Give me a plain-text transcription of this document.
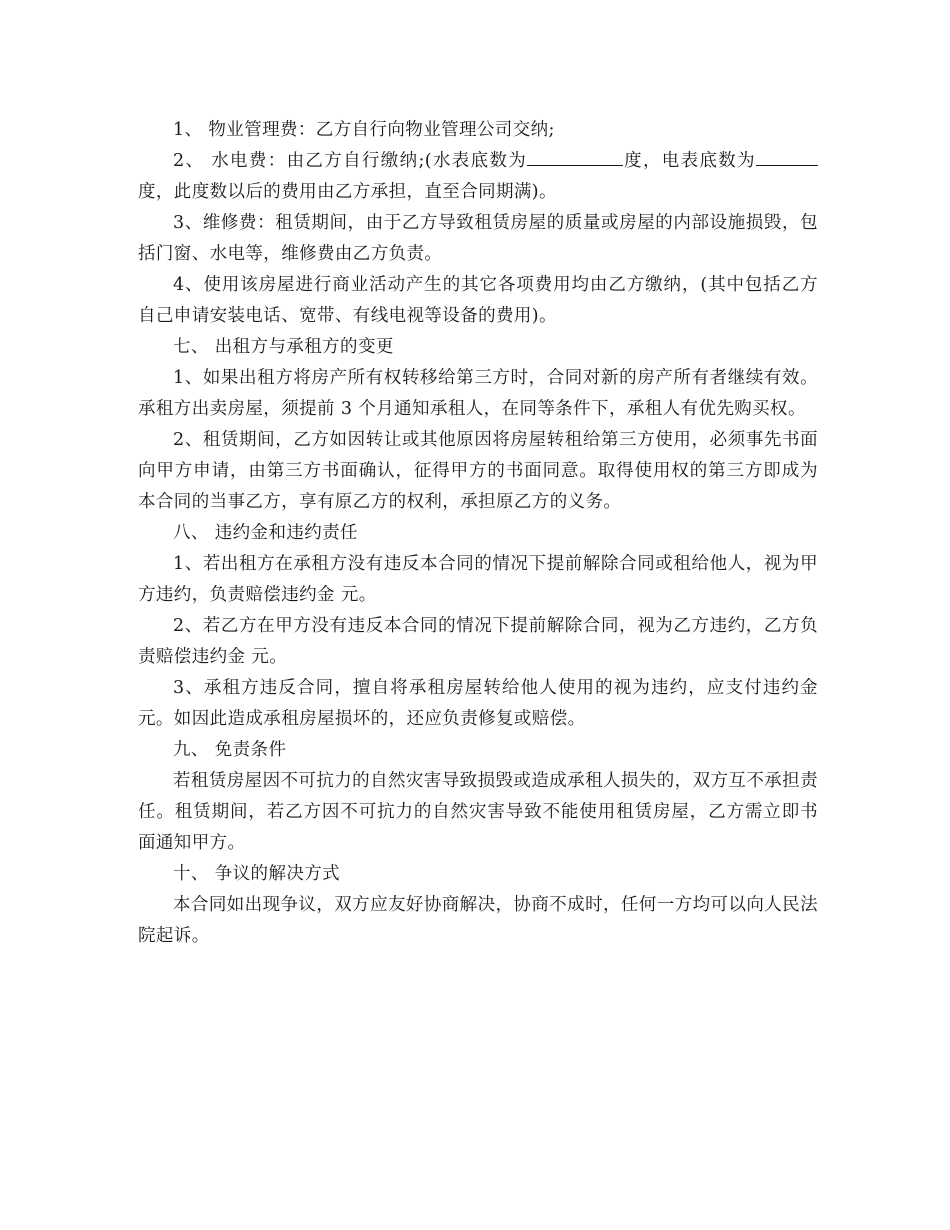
1、 物业管理费：乙方自行向物业管理公司交纳;

2、 水电费：由乙方自行缴纳;(水表底数为	度，电表底数为度，此度数以后的费用由乙方承担，直至合同期满)。

3、维修费：租赁期间，由于乙方导致租赁房屋的质量或房屋的内部设施损毁，包括门窗、水电等，维修费由乙方负责。

4、使用该房屋进行商业活动产生的其它各项费用均由乙方缴纳，(其中包括乙方自己申请安装电话、宽带、有线电视等设备的费用)。

七、 出租方与承租方的变更

1、如果出租方将房产所有权转移给第三方时，合同对新的房产所有者继续有效。承租方出卖房屋，须提前 3 个月通知承租人，在同等条件下，承租人有优先购买权。

2、租赁期间，乙方如因转让或其他原因将房屋转租给第三方使用，必须事先书面向甲方申请，由第三方书面确认，征得甲方的书面同意。取得使用权的第三方即成为本合同的当事乙方，享有原乙方的权利，承担原乙方的义务。

八、 违约金和违约责任

1、若出租方在承租方没有违反本合同的情况下提前解除合同或租给他人，视为甲方违约，负责赔偿违约金 元。

2、若乙方在甲方没有违反本合同的情况下提前解除合同，视为乙方违约，乙方负责赔偿违约金 元。

3、承租方违反合同，擅自将承租房屋转给他人使用的视为违约，应支付违约金 元。如因此造成承租房屋损坏的，还应负责修复或赔偿。

九、 免责条件

若租赁房屋因不可抗力的自然灾害导致损毁或造成承租人损失的，双方互不承担责任。租赁期间，若乙方因不可抗力的自然灾害导致不能使用租赁房屋，乙方需立即书面通知甲方。

十、 争议的解决方式

本合同如出现争议，双方应友好协商解决，协商不成时，任何一方均可以向人民法院起诉。
